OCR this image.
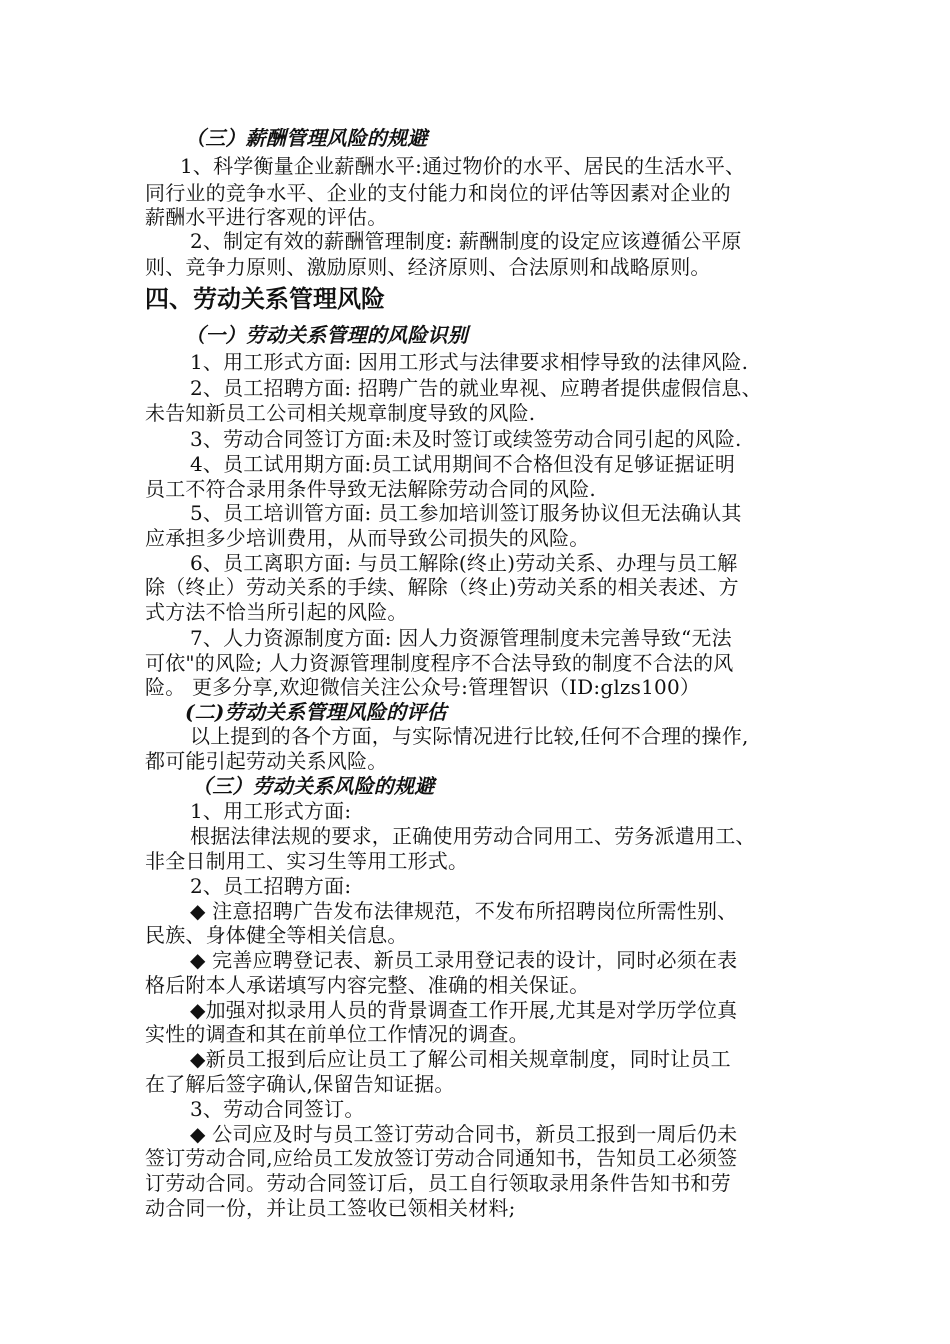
（三）薪酬管理风险的规避
1、科学衡量企业薪酬水平:通过物价的水平、居民的生活水平、
同行业的竞争水平、企业的支付能力和岗位的评估等因素对企业的
薪酬水平进行客观的评估。
2、制定有效的薪酬管理制度: 薪酬制度的设定应该遵循公平原
则、竞争力原则、激励原则、经济原则、合法原则和战略原则。
四、劳动关系管理风险
（一）劳动关系管理的风险识别
1、用工形式方面: 因用工形式与法律要求相悖导致的法律风险.
2、员工招聘方面: 招聘广告的就业卑视、应聘者提供虚假信息、
未告知新员工公司相关规章制度导致的风险.
3、劳动合同签订方面:未及时签订或续签劳动合同引起的风险.
4、员工试用期方面:员工试用期间不合格但没有足够证据证明
员工不符合录用条件导致无法解除劳动合同的风险.
5、员工培训管方面: 员工参加培训签订服务协议但无法确认其
应承担多少培训费用，从而导致公司损失的风险。
6、员工离职方面: 与员工解除(终止)劳动关系、办理与员工解
除（终止）劳动关系的手续、解除（终止)劳动关系的相关表述、方
式方法不恰当所引起的风险。
7、人力资源制度方面: 因人力资源管理制度未完善导致“无法
可依"的风险; 人力资源管理制度程序不合法导致的制度不合法的风
险。 更多分享,欢迎微信关注公众号:管理智识（ID:glzs100）
(二)劳动关系管理风险的评估
以上提到的各个方面，与实际情况进行比较,任何不合理的操作,
都可能引起劳动关系风险。
（三）劳动关系风险的规避
1、用工形式方面:
根据法律法规的要求，正确使用劳动合同用工、劳务派遣用工、
非全日制用工、实习生等用工形式。
2、员工招聘方面:
◆ 注意招聘广告发布法律规范，不发布所招聘岗位所需性别、
民族、身体健全等相关信息。
◆ 完善应聘登记表、新员工录用登记表的设计，同时必须在表
格后附本人承诺填写内容完整、准确的相关保证。
◆加强对拟录用人员的背景调查工作开展,尤其是对学历学位真
实性的调查和其在前单位工作情况的调查。
◆新员工报到后应让员工了解公司相关规章制度，同时让员工
在了解后签字确认,保留告知证据。
3、劳动合同签订。
◆ 公司应及时与员工签订劳动合同书，新员工报到一周后仍未
签订劳动合同,应给员工发放签订劳动合同通知书，告知员工必须签
订劳动合同。劳动合同签订后，员工自行领取录用条件告知书和劳
动合同一份，并让员工签收已领相关材料;
